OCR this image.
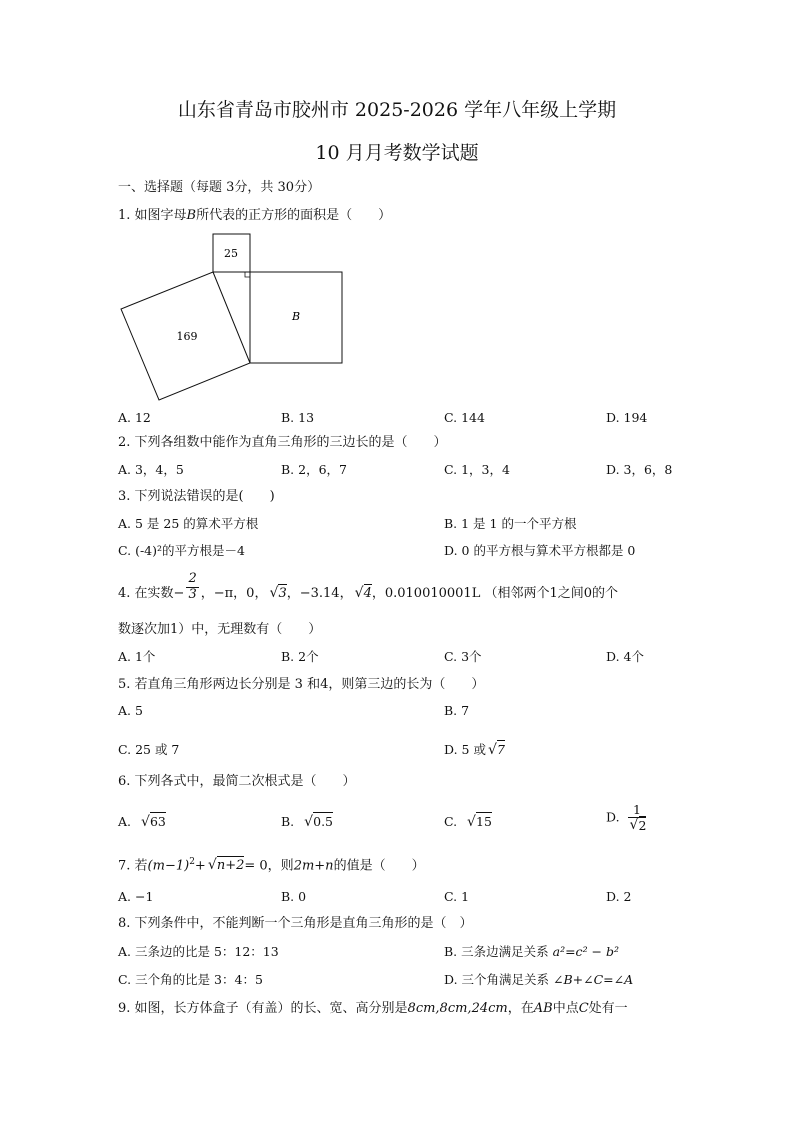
山东省青岛市胶州市 2025-2026 学年八年级上学期
10 月月考数学试题
一、选择题（每题 3分，共 30分）
1. 如图字母B所代表的正方形的面积是（　　）
25
169
B
A. 12	B. 13	C. 144	D. 194
2. 下列各组数中能作为直角三角形的三边长的是（　　）
A. 3，4，5	B. 2，6，7	C. 1，3，4	D. 3，6，8
3. 下列说法错误的是(　　)
A. 5 是 25 的算术平方根	B. 1 是 1 的一个平方根
C. (-4)²的平方根是－4	D. 0 的平方根与算术平方根都是 0
4. 在实数− $\frac{2}{3}$ ，−π，0，√ 3，−3.14，√ 4，0.010010001L （相邻两个1之间0的个
数逐次加1）中，无理数有（　　）
A. 1个	B. 2个	C. 3个	D. 4个
5. 若直角三角形两边长分别是 3 和4，则第三边的长为（　　）
A. 5	B. 7
C. 25 或 7	D. 5 或√ 7
6. 下列各式中，最简二次根式是（　　）
A.  √ 63	B.  √ 0.5	C.  √ 15	D. 1
√ 2
7. 若$(m-1)^2+√$ n+2= 0，则2m+n的值是（　　）
A. −1	B. 0	C. 1	D. 2
8. 下列条件中，不能判断一个三角形是直角三角形的是（　）
A. 三条边的比是 5：12：13	B. 三条边满足关系 a²=c² − b²
C. 三个角的比是 3：4：5	D. 三个角满足关系 ∠B+∠C=∠A
9. 如图，长方体盒子（有盖）的长、宽、高分别是8cm,8cm,24cm，在AB中点C处有一
